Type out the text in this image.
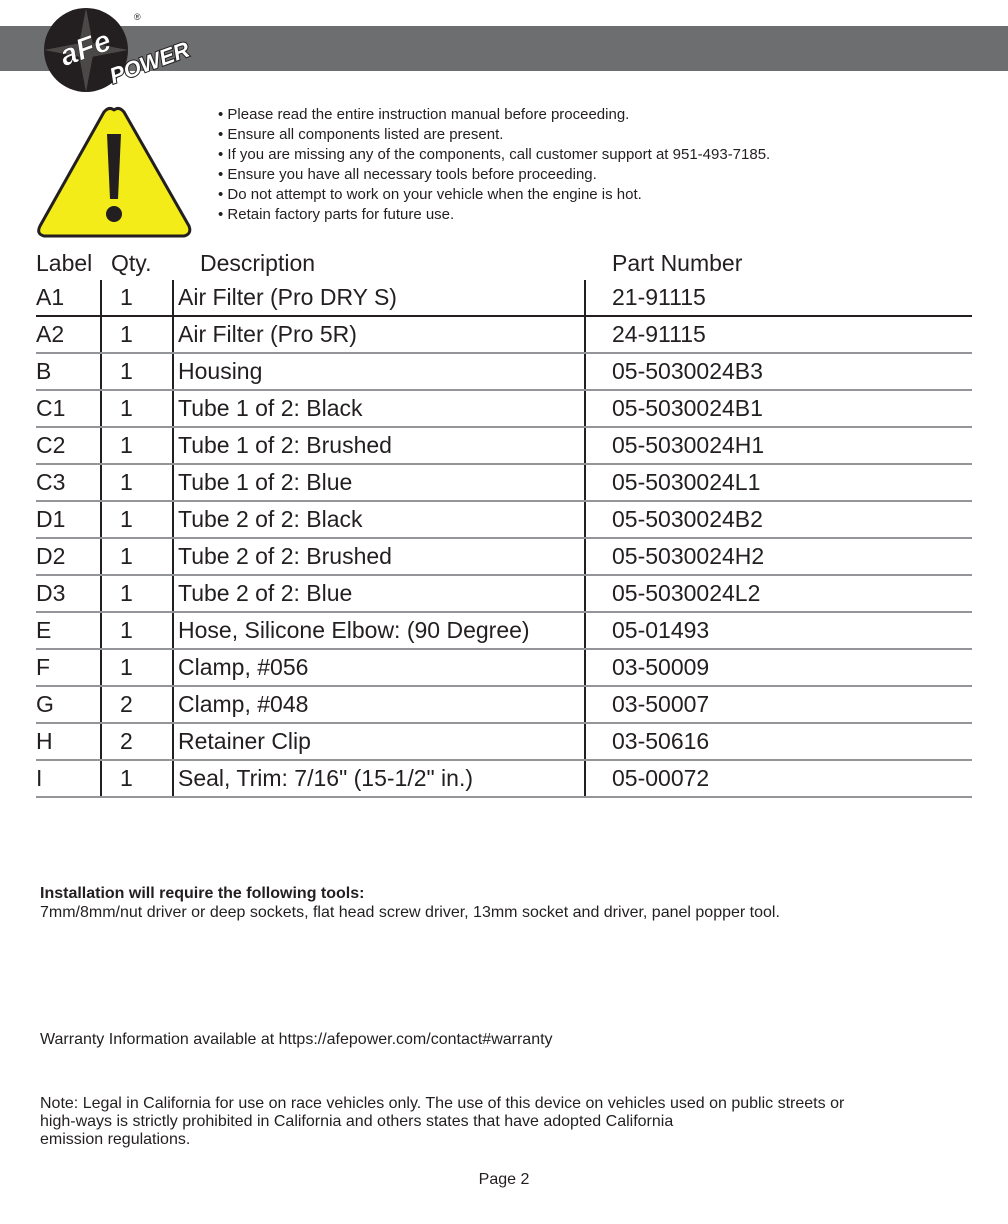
aFe
POWER
®
• Please read the entire instruction manual before proceeding.
• Ensure all components listed are present.
• If you are missing any of the components, call customer support at 951-493-7185.
• Ensure you have all necessary tools before proceeding.
• Do not attempt to work on your vehicle when the engine is hot.
• Retain factory parts for future use.
Label Qty. Description	Part Number
A1	1	Air Filter (Pro DRY S)	21-91115
A2	1	Air Filter (Pro 5R)	24-91115
B	1	Housing	05-5030024B3
C1	1	Tube 1 of 2: Black	05-5030024B1
C2	1	Tube 1 of 2: Brushed	05-5030024H1
C3	1	Tube 1 of 2: Blue	05-5030024L1
D1	1	Tube 2 of 2: Black	05-5030024B2
D2	1	Tube 2 of 2: Brushed	05-5030024H2
D3	1	Tube 2 of 2: Blue	05-5030024L2
E	1	Hose, Silicone Elbow: (90 Degree)	05-01493
F	1	Clamp, #056	03-50009
G	2	Clamp, #048	03-50007
H	2	Retainer Clip	03-50616
I	1	Seal, Trim: 7/16" (15-1/2" in.)	05-00072
Installation will require the following tools:
7mm/8mm/nut driver or deep sockets, flat head screw driver, 13mm socket and driver, panel popper tool.
Warranty Information available at https://afepower.com/contact#warranty
Note: Legal in California for use on race vehicles only. The use of this device on vehicles used on public streets or
high-ways is strictly prohibited in California and others states that have adopted California
emission regulations.
Page 2
